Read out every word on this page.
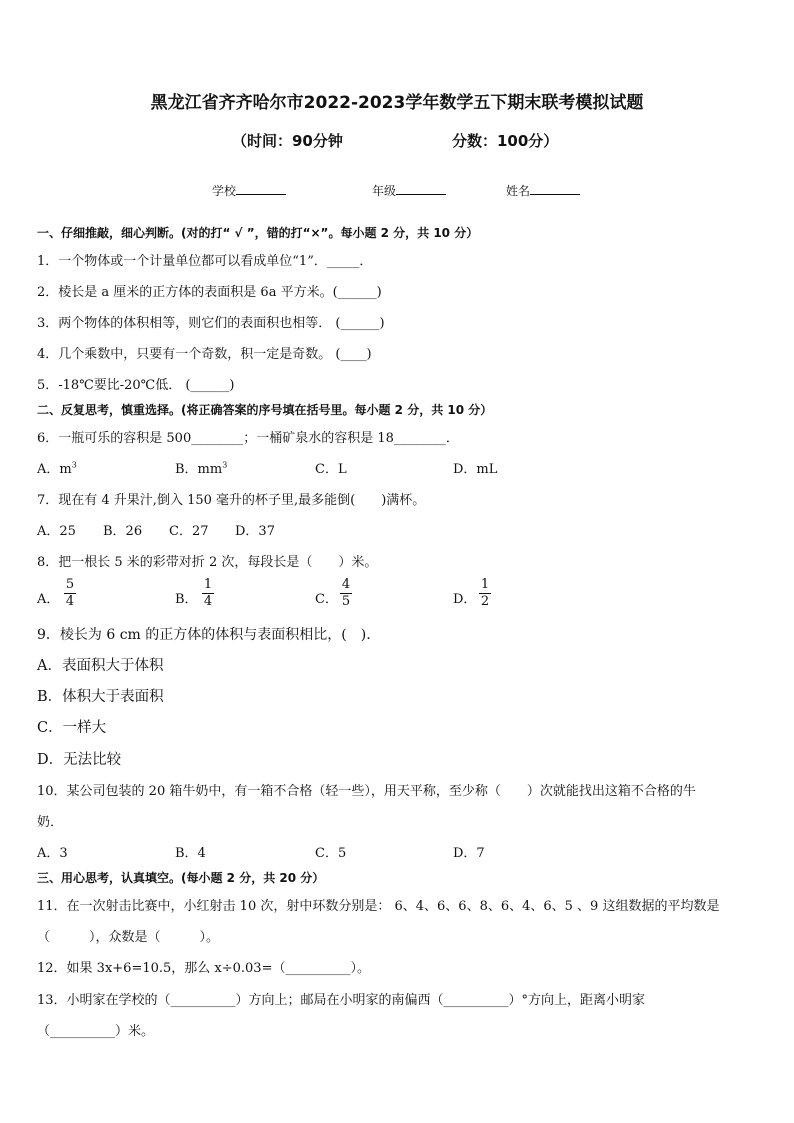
黑龙江省齐齐哈尔市2022-2023学年数学五下期末联考模拟试题
（时间：90分钟	分数：100分）
学校	年级	姓名
一、仔细推敲，细心判断。(对的打“ √ ”，错的打“×”。每小题 2 分，共 10 分）
1．一个物体或一个计量单位都可以看成单位“1”．_____．
2．棱长是 a 厘米的正方体的表面积是 6a 平方米。(______)
3．两个物体的体积相等，则它们的表面积也相等． (______)
4．几个乘数中，只要有一个奇数，积一定是奇数。 (____)
5．-18℃要比-20℃低． (______)
二、反复思考，慎重选择。(将正确答案的序号填在括号里。每小题 2 分，共 10 分）
6．一瓶可乐的容积是 500________；一桶矿泉水的容积是 18________．
A．$m^3$	B．$mm^3$	C．L	D．mL
7．现在有 4 升果汁,倒入 150 毫升的杯子里,最多能倒(　　)满杯。
A．25 B．26 C．27 D．37
8．把一根长 5 米的彩带对折 2 次，每段长是（　　）米。
A．
5
4	B．
1
4	C．
4
5	D．
1
2
9．棱长为 6 cm 的正方体的体积与表面积相比，(　).
A．表面积大于体积
B．体积大于表面积
C．一样大
D．无法比较
10．某公司包装的 20 箱牛奶中，有一箱不合格（轻一些），用天平称，至少称（　　）次就能找出这箱不合格的牛
奶．
A．3	B．4	C．5	D．7
三、用心思考，认真填空。(每小题 2 分，共 20 分）
11．在一次射击比赛中，小红射击 10 次，射中环数分别是： 6、4、6、6、8、6、4、6、5 、9 这组数据的平均数是
（　　　），众数是（　　　）。
12．如果 3x+6=10.5，那么 x÷0.03=（__________）。
13．小明家在学校的（__________）方向上；邮局在小明家的南偏西（__________）°方向上，距离小明家
（__________）米。
